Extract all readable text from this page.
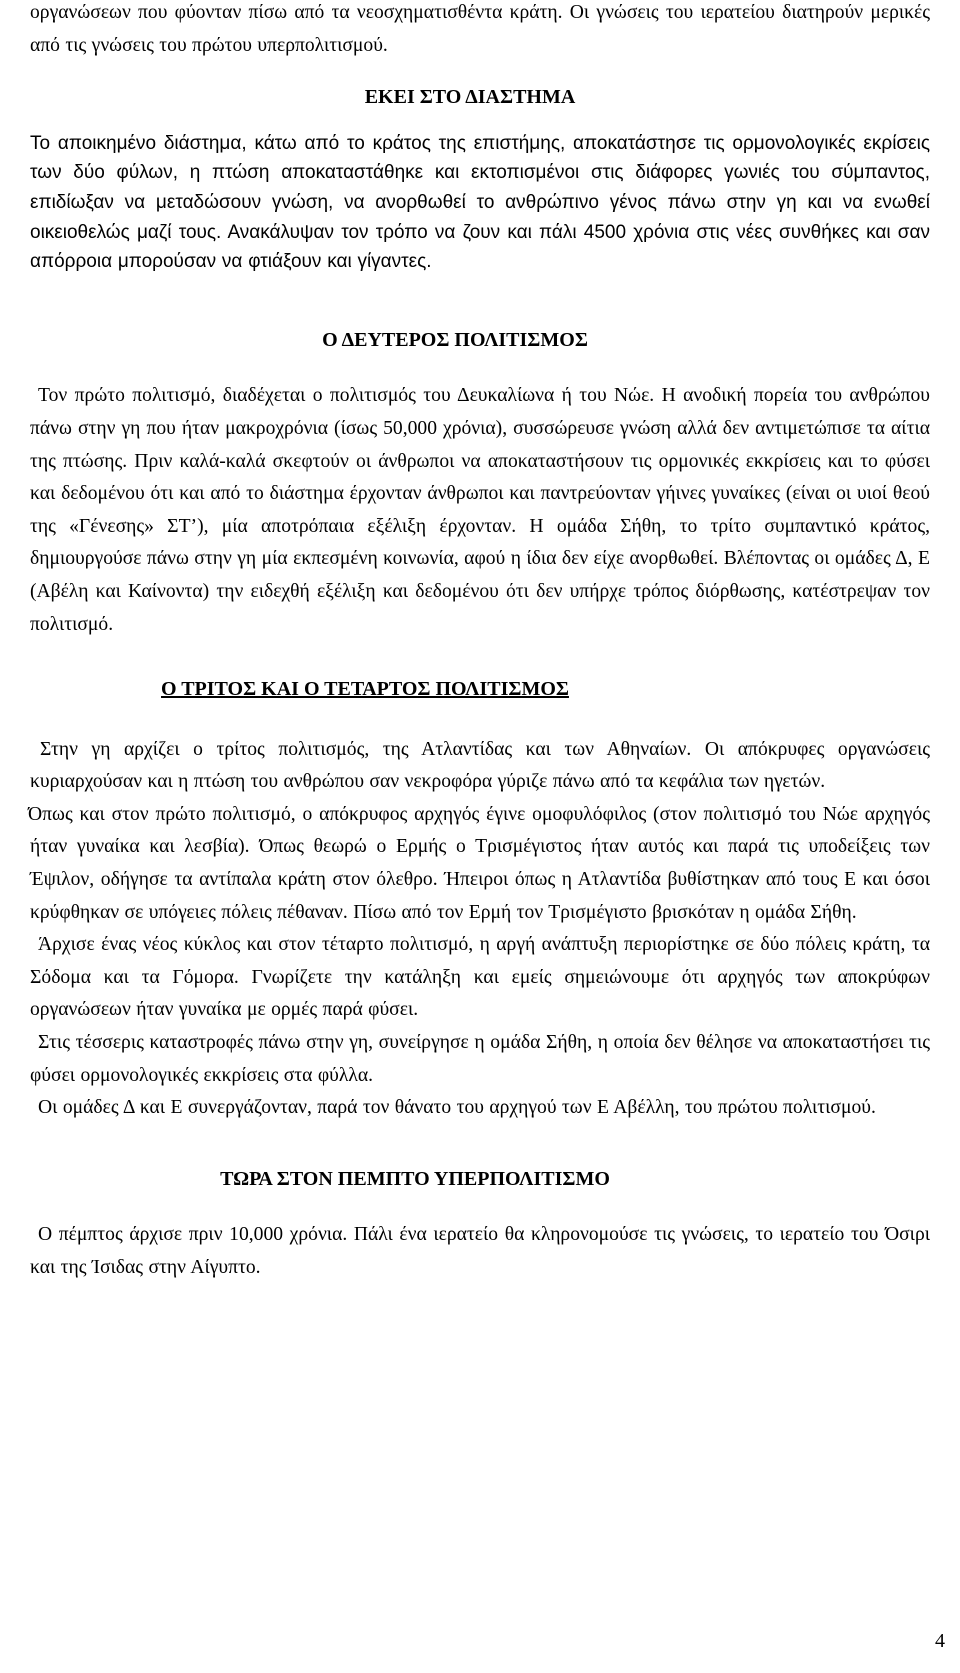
οργανώσεων που φύονταν πίσω από τα νεοσχηματισθέντα κράτη. Οι γνώσεις του ιερατείου διατηρούν μερικές από τις γνώσεις του πρώτου υπερπολιτισμού.

ΕΚΕΙ ΣΤΟ ΔΙΑΣΤΗΜΑ

Το αποικημένο διάστημα, κάτω από το κράτος της επιστήμης, αποκατάστησε τις ορμονολογικές εκρίσεις των δύο φύλων, η πτώση αποκαταστάθηκε και εκτοπισμένοι στις διάφορες γωνιές του σύμπαντος, επιδίωξαν να μεταδώσουν γνώση, να ανορθωθεί το ανθρώπινο γένος πάνω στην γη και να ενωθεί οικειοθελώς μαζί τους. Ανακάλυψαν τον τρόπο να ζουν και πάλι 4500 χρόνια στις νέες συνθήκες και σαν απόρροια μπορούσαν να φτιάξουν και γίγαντες.

Ο ΔΕΥΤΕΡΟΣ ΠΟΛΙΤΙΣΜΟΣ

Τον πρώτο πολιτισμό, διαδέχεται ο πολιτισμός του Δευκαλίωνα ή του Νώε. Η ανοδική πορεία του ανθρώπου πάνω στην γη που ήταν μακροχρόνια (ίσως 50,000 χρόνια), συσσώρευσε γνώση αλλά δεν αντιμετώπισε τα αίτια της πτώσης. Πριν καλά-καλά σκεφτούν οι άνθρωποι να αποκαταστήσουν τις ορμονικές εκκρίσεις και το φύσει και δεδομένου ότι και από το διάστημα έρχονταν άνθρωποι και παντρεύονταν γήινες γυναίκες (είναι οι υιοί θεού της «Γένεσης» ΣΤ’), μία αποτρόπαια εξέλιξη έρχονταν. Η ομάδα Σήθη, το τρίτο συμπαντικό κράτος, δημιουργούσε πάνω στην γη μία εκπεσμένη κοινωνία, αφού η ίδια δεν είχε ανορθωθεί. Βλέποντας οι ομάδες Δ, Ε (Αβέλη και Καίνοντα) την ειδεχθή εξέλιξη και δεδομένου ότι δεν υπήρχε τρόπος διόρθωσης, κατέστρεψαν τον πολιτισμό.

Ο ΤΡΙΤΟΣ ΚΑΙ Ο ΤΕΤΑΡΤΟΣ ΠΟΛΙΤΙΣΜΟΣ

Στην γη αρχίζει ο τρίτος πολιτισμός, της Ατλαντίδας και των Αθηναίων. Οι απόκρυφες οργανώσεις κυριαρχούσαν και η πτώση του ανθρώπου σαν νεκροφόρα γύριζε πάνω από τα κεφάλια των ηγετών.

Όπως και στον πρώτο πολιτισμό, ο απόκρυφος αρχηγός έγινε ομοφυλόφιλος (στον πολιτισμό του Νώε αρχηγός ήταν γυναίκα και λεσβία). Όπως θεωρώ ο Ερμής ο Τρισμέγιστος ήταν αυτός και παρά τις υποδείξεις των Έψιλον, οδήγησε τα αντίπαλα κράτη στον όλεθρο. Ήπειροι όπως η Ατλαντίδα βυθίστηκαν από τους Ε και όσοι κρύφθηκαν σε υπόγειες πόλεις πέθαναν. Πίσω από τον Ερμή τον Τρισμέγιστο βρισκόταν η ομάδα Σήθη.

Άρχισε ένας νέος κύκλος και στον τέταρτο πολιτισμό, η αργή ανάπτυξη περιορίστηκε σε δύο πόλεις κράτη, τα Σόδομα και τα Γόμορα. Γνωρίζετε την κατάληξη και εμείς σημειώνουμε ότι αρχηγός των αποκρύφων οργανώσεων ήταν γυναίκα με ορμές παρά φύσει.

Στις τέσσερις καταστροφές πάνω στην γη, συνείργησε η ομάδα Σήθη, η οποία δεν θέλησε να αποκαταστήσει τις φύσει ορμονολογικές εκκρίσεις στα φύλλα.

Οι ομάδες Δ και Ε συνεργάζονταν, παρά τον θάνατο του αρχηγού των Ε Αβέλλη, του πρώτου πολιτισμού.

ΤΩΡΑ ΣΤΟΝ ΠΕΜΠΤΟ ΥΠΕΡΠΟΛΙΤΙΣΜΟ

Ο πέμπτος άρχισε πριν 10,000 χρόνια. Πάλι ένα ιερατείο θα κληρονομούσε τις γνώσεις, το ιερατείο του Όσιρι και της Ίσιδας στην Αίγυπτο.

4
